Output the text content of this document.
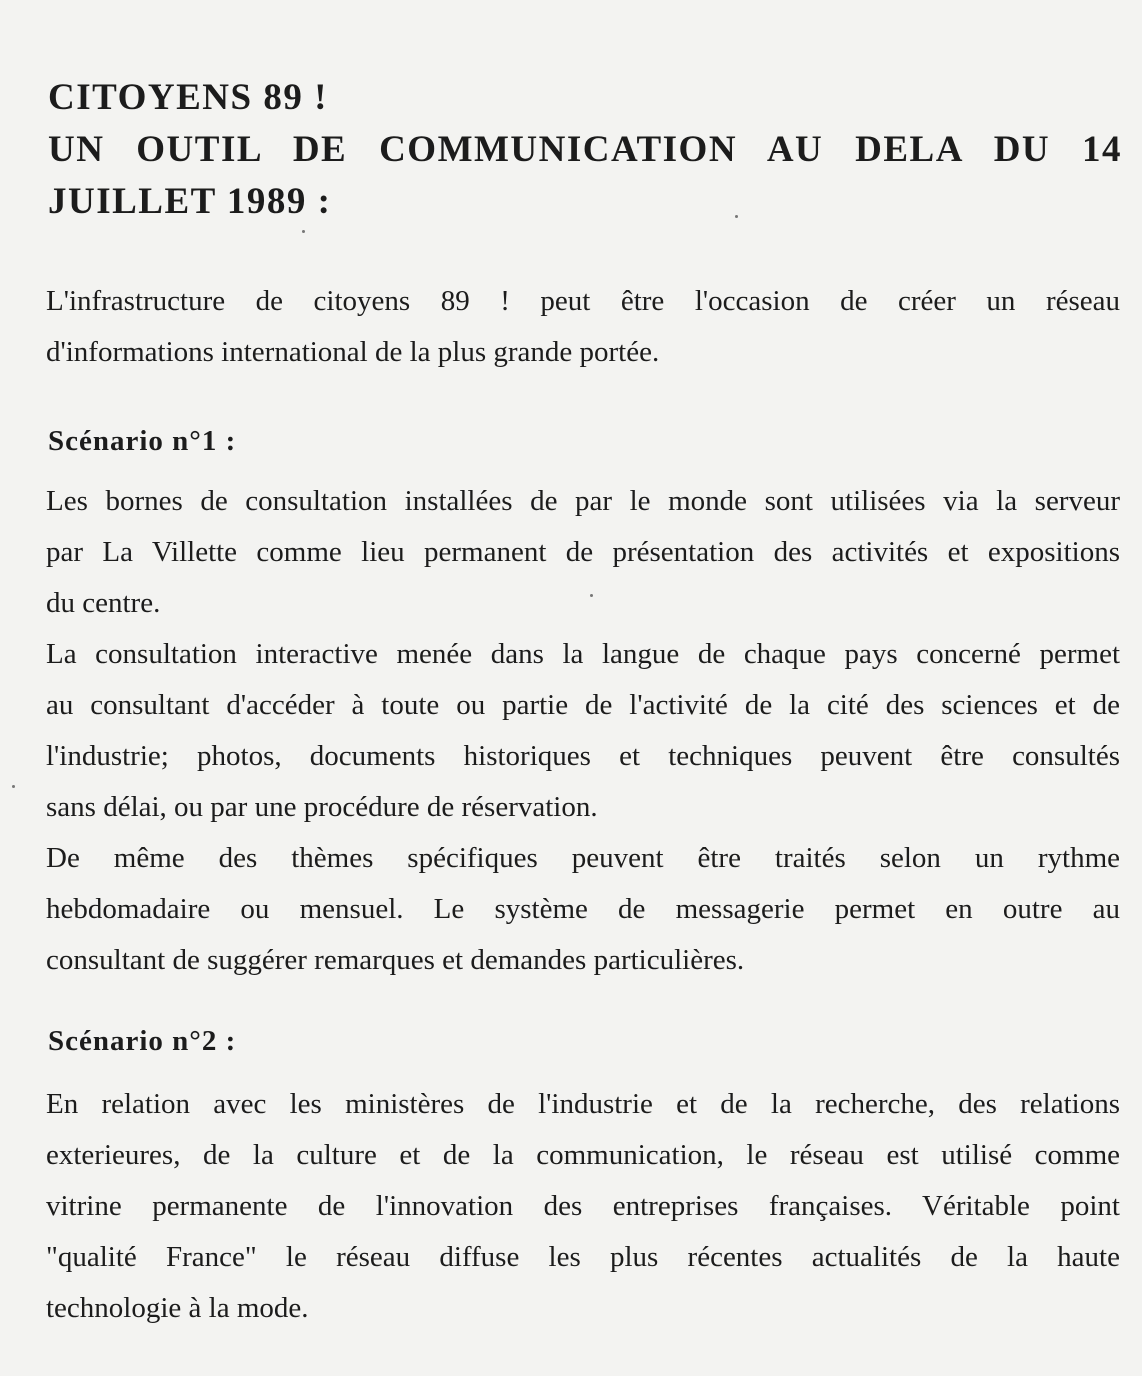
CITOYENS 89 !
UN OUTIL DE COMMUNICATION AU DELA DU 14
JUILLET 1989 :
L'infrastructure de citoyens 89 ! peut être l'occasion de créer un réseau
d'informations international de la plus grande portée.
Scénario n°1 :
Les bornes de consultation installées de par le monde sont utilisées via la serveur
par La Villette comme lieu permanent de présentation des activités et expositions
du centre.
La consultation interactive menée dans la langue de chaque pays concerné permet
au consultant d'accéder à toute ou partie de l'activité de la cité des sciences et de
l'industrie; photos, documents historiques et techniques peuvent être consultés
sans délai, ou par une procédure de réservation.
De même des thèmes spécifiques peuvent être traités selon un rythme
hebdomadaire ou mensuel. Le système de messagerie permet en outre au
consultant de suggérer remarques et demandes particulières.
Scénario n°2 :
En relation avec les ministères de l'industrie et de la recherche, des relations
exterieures, de la culture et de la communication, le réseau est utilisé comme
vitrine permanente de l'innovation des entreprises françaises. Véritable point
"qualité France" le réseau diffuse les plus récentes actualités de la haute
technologie à la mode.
